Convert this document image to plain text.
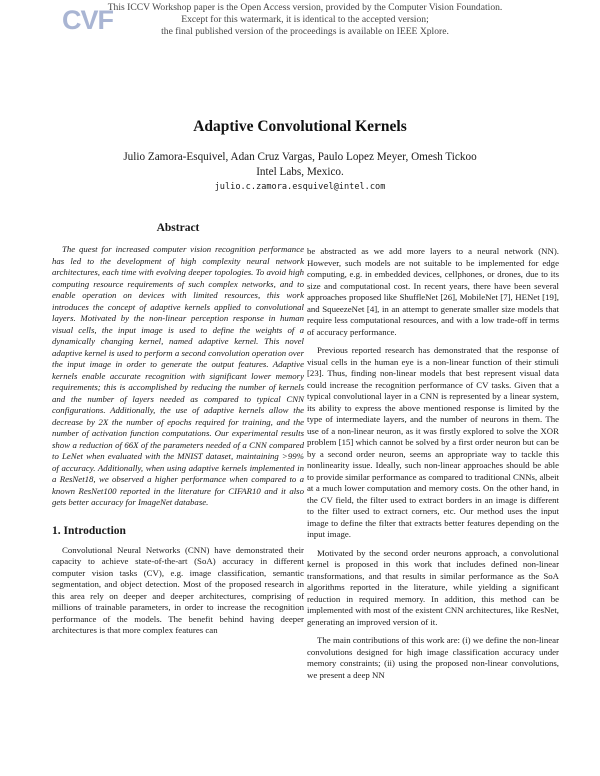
CVF
This ICCV Workshop paper is the Open Access version, provided by the Computer Vision Foundation.
Except for this watermark, it is identical to the accepted version;
the final published version of the proceedings is available on IEEE Xplore.
Adaptive Convolutional Kernels
Julio Zamora-Esquivel, Adan Cruz Vargas, Paulo Lopez Meyer, Omesh Tickoo
Intel Labs, Mexico.
julio.c.zamora.esquivel@intel.com
Abstract

The quest for increased computer vision recognition performance has led to the development of high complexity neural network architectures, each time with evolving deeper topologies. To avoid high computing resource requirements of such complex networks, and to enable operation on devices with limited resources, this work introduces the concept of adaptive kernels applied to convolutional layers. Motivated by the non-linear perception response in human visual cells, the input image is used to define the weights of a dynamically changing kernel, named adaptive kernel. This novel adaptive kernel is used to perform a second convolution operation over the input image in order to generate the output features. Adaptive kernels enable accurate recognition with significant lower memory requirements; this is accomplished by reducing the number of kernels and the number of layers needed as compared to typical CNN configurations. Additionally, the use of adaptive kernels allow the decrease by 2X the number of epochs required for training, and the number of activation function computations. Our experimental results show a reduction of 66X of the parameters needed of a CNN compared to LeNet when evaluated with the MNIST dataset, maintaining >99% of accuracy. Additionally, when using adaptive kernels implemented in a ResNet18, we observed a higher performance when compared to a known ResNet100 reported in the literature for CIFAR10 and it also gets better accuracy for ImageNet database.

1. Introduction

Convolutional Neural Networks (CNN) have demonstrated their capacity to achieve state-of-the-art (SoA) accuracy in different computer vision tasks (CV), e.g. image classification, semantic segmentation, and object detection. Most of the proposed research in this area rely on deeper and deeper architectures, comprising of millions of trainable parameters, in order to increase the recognition performance of the models. The benefit behind having deeper architectures is that more complex features can

be abstracted as we add more layers to a neural network (NN). However, such models are not suitable to be implemented for edge computing, e.g. in embedded devices, cellphones, or drones, due to its size and computational cost. In recent years, there have been several approaches proposed like ShuffleNet [26], MobileNet [7], HENet [19], and SqueezeNet [4], in an attempt to generate smaller size models that require less computational resources, and with a low trade-off in terms of accuracy performance.

Previous reported research has demonstrated that the response of visual cells in the human eye is a non-linear function of their stimuli [23]. Thus, finding non-linear models that best represent visual data could increase the recognition performance of CV tasks. Given that a typical convolutional layer in a CNN is represented by a linear system, its ability to express the above mentioned response is limited by the type of intermediate layers, and the number of neurons in them. The use of a non-linear neuron, as it was firstly explored to solve the XOR problem [15] which cannot be solved by a first order neuron but can be by a second order neuron, seems an appropriate way to tackle this nonlinearity issue. Ideally, such non-linear approaches should be able to provide similar performance as compared to traditional CNNs, albeit at a much lower computation and memory costs. On the other hand, in the CV field, the filter used to extract borders in an image is different to the filter used to extract corners, etc. Our method uses the input image to define the filter that extracts better features depending on the input image.

Motivated by the second order neurons approach, a convolutional kernel is proposed in this work that includes defined non-linear transformations, and that results in similar performance as the SoA algorithms reported in the literature, while yielding a significant reduction in required memory. In addition, this method can be implemented with most of the existent CNN architectures, like ResNet, generating an improved version of it.

The main contributions of this work are: (i) we define the non-linear convolutions designed for high image classification accuracy under memory constraints; (ii) using the proposed non-linear convolutions, we present a deep NN
